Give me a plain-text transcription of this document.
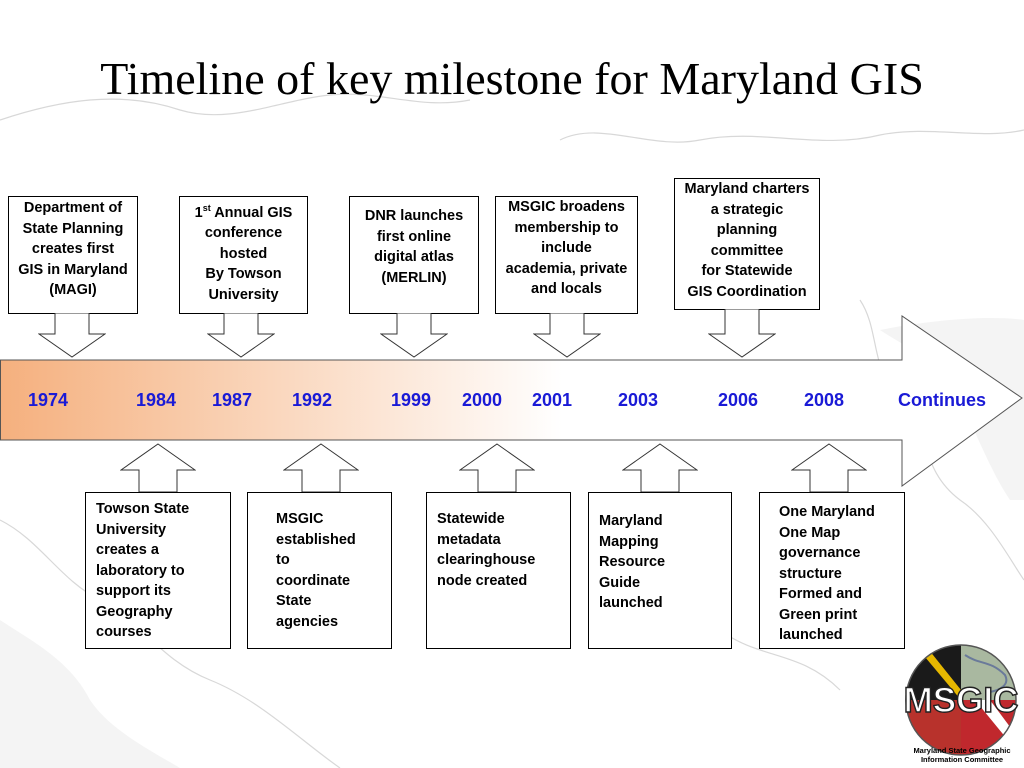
Timeline of key milestone for Maryland GIS
1974	1984 1987 1992	1999 2000 2001	2003	2006	2008	Continues
Department of
State Planning
creates first
GIS in Maryland
(MAGI)
1st Annual GIS
conference
hosted
By Towson
University
DNR launches
first online
digital atlas
(MERLIN)
MSGIC broadens
membership to
include
academia, private
and locals
Maryland charters
a strategic
planning
committee
for Statewide
GIS Coordination
Towson State
University
creates a
laboratory to
support its
Geography
courses
MSGIC
established
to
coordinate
State
agencies
Statewide
metadata
clearinghouse
node created
Maryland
Mapping
Resource
Guide
launched
One Maryland
One Map
governance
structure
Formed and
Green print
launched
MSGIC
Maryland State Geographic
Information Committee
